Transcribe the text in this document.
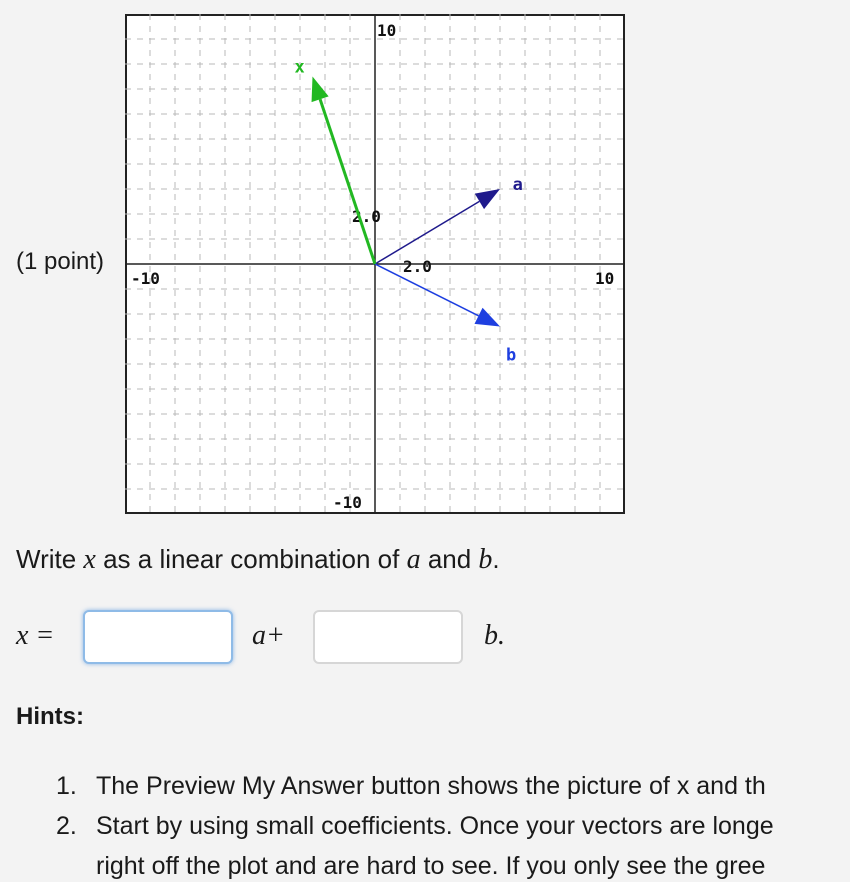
(1 point)
10
-10
-10	10
2.0
2.0
a
b
x
Write x as a linear combination of a and b.
x =	a+	b.
Hints:
1. The Preview My Answer button shows the picture of x and th
2. Start by using small coefficients. Once your vectors are longe
right off the plot and are hard to see. If you only see the gree
